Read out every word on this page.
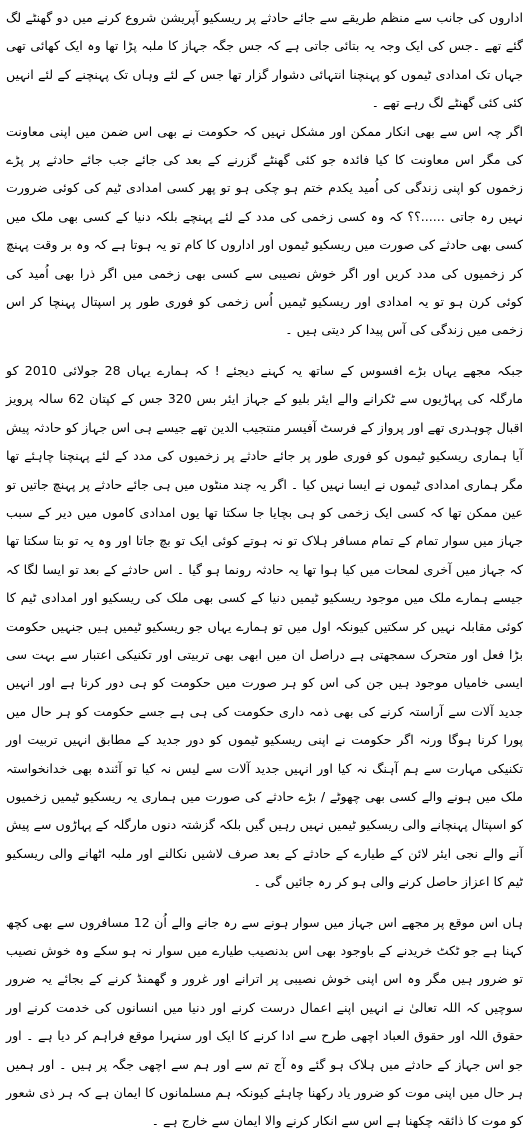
اداروں کی جانب سے منظم طریقے سے جائے حادثے پر ریسکیو آپریشن شروع کرنے میں دو گھنٹے لگ گئے تھے ۔جس کی ایک وجہ یہ بتائی جاتی ہے کہ جس جگہ جہاز کا ملبہ پڑا تھا وہ ایک کھائی تھی جہاں تک امدادی ٹیموں کو پہنچنا انتہائی دشوار گزار تھا جس کے لئے وہاں تک پہنچنے کے لئے انہیں کئی کئی گھنٹے لگ رہے تھے ۔

اگر چہ اس سے بھی انکار ممکن اور مشکل نہیں کہ حکومت نے بھی اس ضمن میں اپنی معاونت کی مگر اس معاونت کا کیا فائدہ جو کئی گھنٹے گزرنے کے بعد کی جائے جب جائے حادثے پر پڑے زخموں کو اپنی زندگی کی اُمید یکدم ختم ہو چکی ہو تو پھر کسی امدادی ٹیم کی کوئی ضرورت نہیں رہ جاتی ......؟؟ کہ وہ کسی زخمی کی مدد کے لئے پہنچے بلکہ دنیا کے کسی بھی ملک میں کسی بھی حادثے کی صورت میں ریسکیو ٹیموں اور اداروں کا کام تو یہ ہوتا ہے کہ وہ بر وقت پہنچ کر زخمیوں کی مدد کریں اور اگر خوش نصیبی سے کسی بھی زخمی میں اگر ذرا بھی اُمید کی کوئی کرن ہو تو یہ امدادی اور ریسکیو ٹیمیں اُس زخمی کو فوری طور پر اسپتال پہنچا کر اس زخمی میں زندگی کی آس پیدا کر دیتی ہیں ۔

جبکہ مجھے یہاں بڑے افسوس کے ساتھ یہ کہنے دیجئے ! کہ ہمارے یہاں 28 جولائی 2010 کو مارگلہ کی پہاڑیوں سے ٹکرانے والے ایئر بلیو کے جہاز ایئر بس 320 جس کے کپتان 62 سالہ پرویز اقبال چوہدری تھے اور پرواز کے فرسٹ آفیسر منتجیب الدین تھے جیسے ہی اس جہاز کو حادثہ پیش آیا ہماری ریسکیو ٹیموں کو فوری طور پر جائے حادثے پر زخمیوں کی مدد کے لئے پہنچنا چاہئے تھا مگر ہماری امدادی ٹیموں نے ایسا نہیں کیا ۔ اگر یہ چند منٹوں میں ہی جائے حادثے پر پہنچ جاتیں تو عین ممکن تھا کہ کسی ایک زخمی کو ہی بچایا جا سکتا تھا یوں امدادی کاموں میں دیر کے سبب جہاز میں سوار تمام کے تمام مسافر ہلاک تو نہ ہوتے کوئی ایک تو بچ جاتا اور وہ یہ تو بتا سکتا تھا کہ جہاز میں آخری لمحات میں کیا ہوا تھا یہ حادثہ رونما ہو گیا ۔ اس حادثے کے بعد تو ایسا لگا کہ جیسے ہمارے ملک میں موجود ریسکیو ٹیمیں دنیا کے کسی بھی ملک کی ریسکیو اور امدادی ٹیم کا کوئی مقابلہ نہیں کر سکتیں کیونکہ اول میں تو ہمارے یہاں جو ریسکیو ٹیمیں ہیں جنہیں حکومت بڑا فعل اور متحرک سمجھتی ہے دراصل ان میں ابھی بھی تربیتی اور تکنیکی اعتبار سے بہت سی ایسی خامیاں موجود ہیں جن کی اس کو ہر صورت میں حکومت کو ہی دور کرنا ہے اور انہیں جدید آلات سے آراستہ کرنے کی بھی ذمہ داری حکومت کی ہی ہے جسے حکومت کو ہر حال میں پورا کرنا ہوگا ورنہ اگر حکومت نے اپنی ریسکیو ٹیموں کو دور جدید کے مطابق انہیں تربیت اور تکنیکی مہارت سے ہم آہنگ نہ کیا اور انہیں جدید آلات سے لیس نہ کیا تو آئندہ بھی خدانخواستہ ملک میں ہونے والے کسی بھی چھوٹے / بڑے حادثے کی صورت میں ہماری یہ ریسکیو ٹیمیں زخمیوں کو اسپتال پہنچانے والی ریسکیو ٹیمیں نہیں رہیں گیں بلکہ گزشتہ دنوں مارگلہ کے پہاڑوں سے پیش آنے والے نجی ایئر لائن کے طیارے کے حادثے کے بعد صرف لاشیں نکالنے اور ملبہ اٹھانے والی ریسکیو ٹیم کا اعزاز حاصل کرنے والی ہو کر رہ جائیں گی ۔

ہاں اس موقع پر مجھے اس جہاز میں سوار ہونے سے رہ جانے والے اُن 12 مسافروں سے بھی کچھ کہنا ہے جو ٹکٹ خریدنے کے باوجود بھی اس بدنصیب طیارے میں سوار نہ ہو سکے وہ خوش نصیب تو ضرور ہیں مگر وہ اس اپنی خوش نصیبی پر اترانے اور غرور و گھمنڈ کرنے کے بجائے یہ ضرور سوچیں کہ اللہ تعالیٰ نے انہیں اپنے اعمال درست کرنے اور دنیا میں انسانوں کی خدمت کرنے اور حقوق اللہ اور حقوق العباد اچھی طرح سے ادا کرنے کا ایک اور سنہرا موقع فراہم کر دیا ہے ۔ اور جو اس جہاز کے حادثے میں ہلاک ہو گئے وہ آج تم سے اور ہم سے اچھی جگہ پر ہیں ۔ اور ہمیں ہر حال میں اپنی موت کو ضرور یاد رکھنا چاہئے کیونکہ ہم مسلمانوں کا ایمان ہے کہ ہر ذی شعور کو موت کا ذائقہ چکھنا ہے اس سے انکار کرنے والا ایمان سے خارج ہے ۔
